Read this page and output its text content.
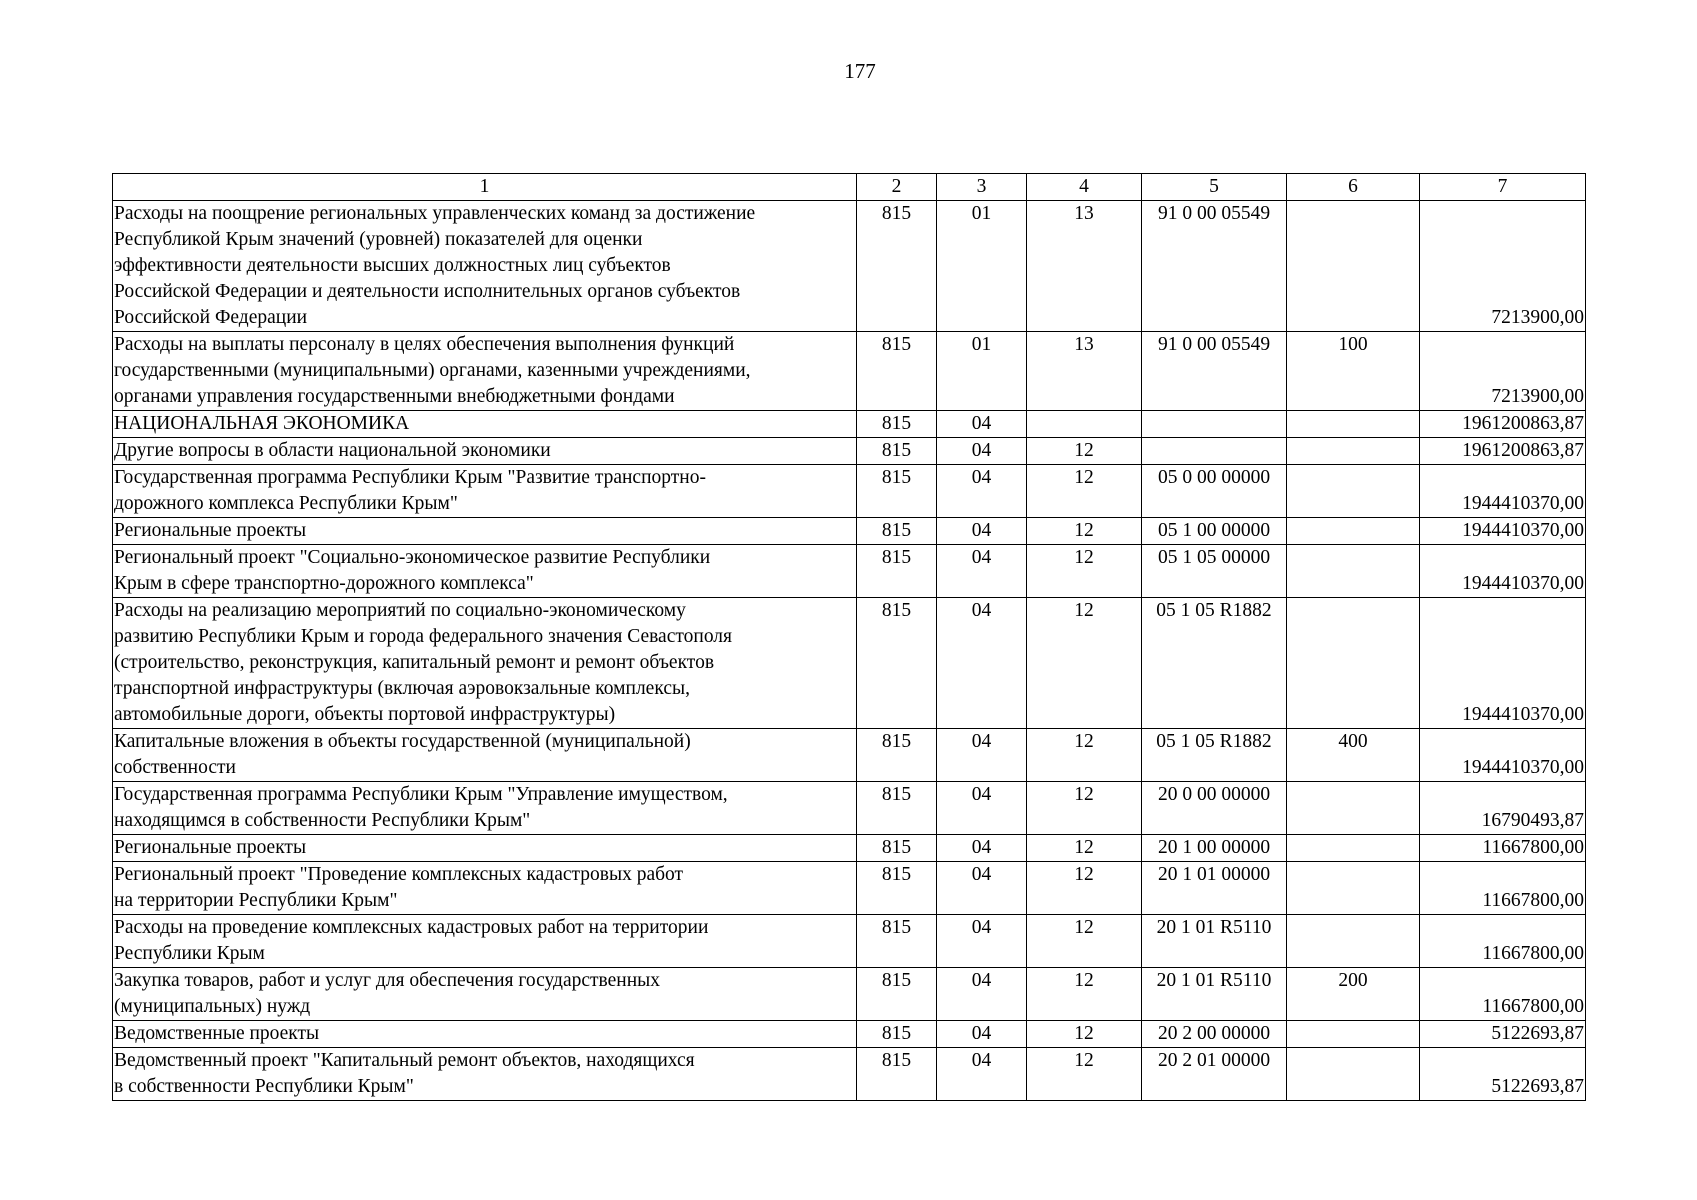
177
1	2	3	4	5	6	7

Расходы на поощрение региональных управленческих команд за достижение
Республикой Крым значений (уровней) показателей для оценки
эффективности деятельности высших должностных лиц субъектов
Российской Федерации и деятельности исполнительных органов субъектов
Российской Федерации	815	01	13	91 0 00 05549		7213900,00

Расходы на выплаты персоналу в целях обеспечения выполнения функций
государственными (муниципальными) органами, казенными учреждениями,
органами управления государственными внебюджетными фондами	815	01	13	91 0 00 05549	100	7213900,00

НАЦИОНАЛЬНАЯ ЭКОНОМИКА	815	04				1961200863,87

Другие вопросы в области национальной экономики	815	04	12			1961200863,87

Государственная программа Республики Крым "Развитие транспортно-
дорожного комплекса Республики Крым"	815	04	12	05 0 00 00000		1944410370,00

Региональные проекты	815	04	12	05 1 00 00000		1944410370,00

Региональный проект "Социально-экономическое развитие Республики
Крым в сфере транспортно-дорожного комплекса"	815	04	12	05 1 05 00000		1944410370,00

Расходы на реализацию мероприятий по социально-экономическому
развитию Республики Крым и города федерального значения Севастополя
(строительство, реконструкция, капитальный ремонт и ремонт объектов
транспортной инфраструктуры (включая аэровокзальные комплексы,
автомобильные дороги, объекты портовой инфраструктуры)	815	04	12	05 1 05 R1882		1944410370,00

Капитальные вложения в объекты государственной (муниципальной)
собственности	815	04	12	05 1 05 R1882	400	1944410370,00

Государственная программа Республики Крым "Управление имуществом,
находящимся в собственности Республики Крым"	815	04	12	20 0 00 00000		16790493,87

Региональные проекты	815	04	12	20 1 00 00000		11667800,00

Региональный проект "Проведение комплексных кадастровых работ
на территории Республики Крым"	815	04	12	20 1 01 00000		11667800,00

Расходы на проведение комплексных кадастровых работ на территории
Республики Крым	815	04	12	20 1 01 R5110		11667800,00

Закупка товаров, работ и услуг для обеспечения государственных
(муниципальных) нужд	815	04	12	20 1 01 R5110	200	11667800,00

Ведомственные проекты	815	04	12	20 2 00 00000		5122693,87

Ведомственный проект "Капитальный ремонт объектов, находящихся
в собственности Республики Крым"	815	04	12	20 2 01 00000		5122693,87
